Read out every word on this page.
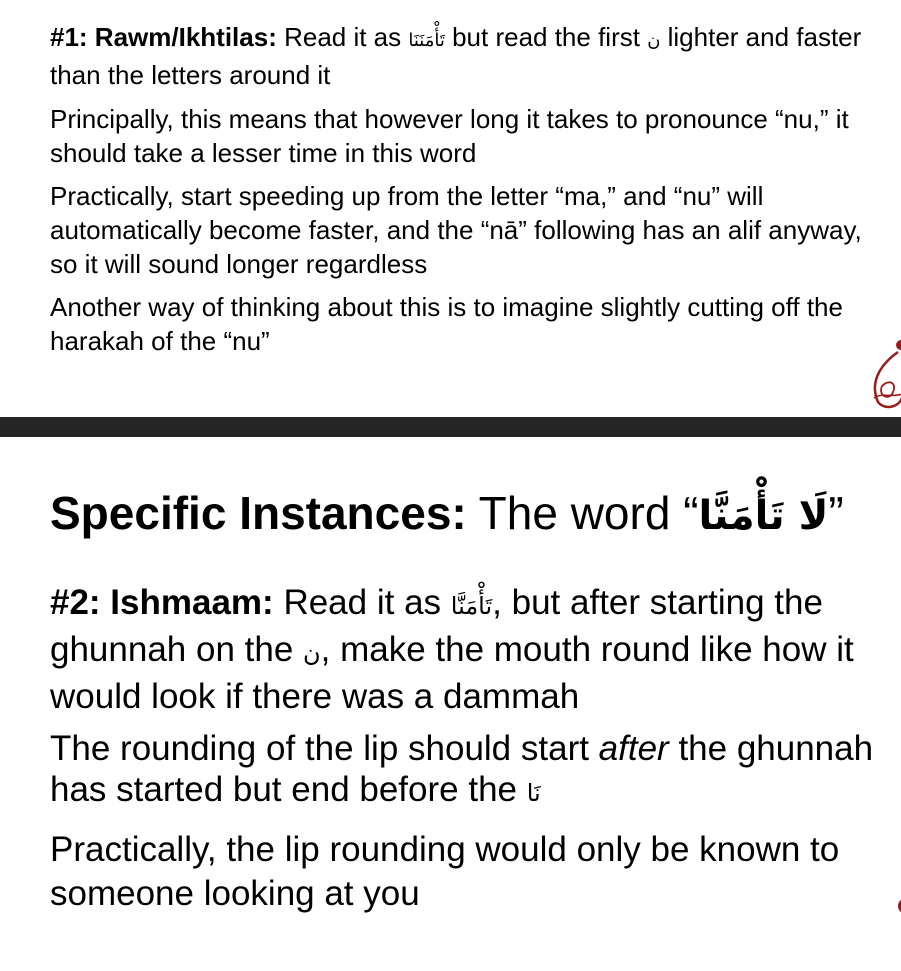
#1: Rawm/Ikhtilas: Read it as تَأْمَنَنَا but read the first ن lighter and faster than the letters around it

Principally, this means that however long it takes to pronounce “nu,” it should take a lesser time in this word

Practically, start speeding up from the letter “ma,” and “nu” will automatically become faster, and the “nā” following has an alif anyway, so it will sound longer regardless

Another way of thinking about this is to imagine slightly cutting off the harakah of the “nu”

Specific Instances: The word “لَا تَأْمَنَّا”

#2: Ishmaam: Read it as تَأْمَنَّا, but after starting the ghunnah on the ن, make the mouth round like how it would look if there was a dammah

The rounding of the lip should start after the ghunnah has started but end before the نَا

Practically, the lip rounding would only be known to someone looking at you
